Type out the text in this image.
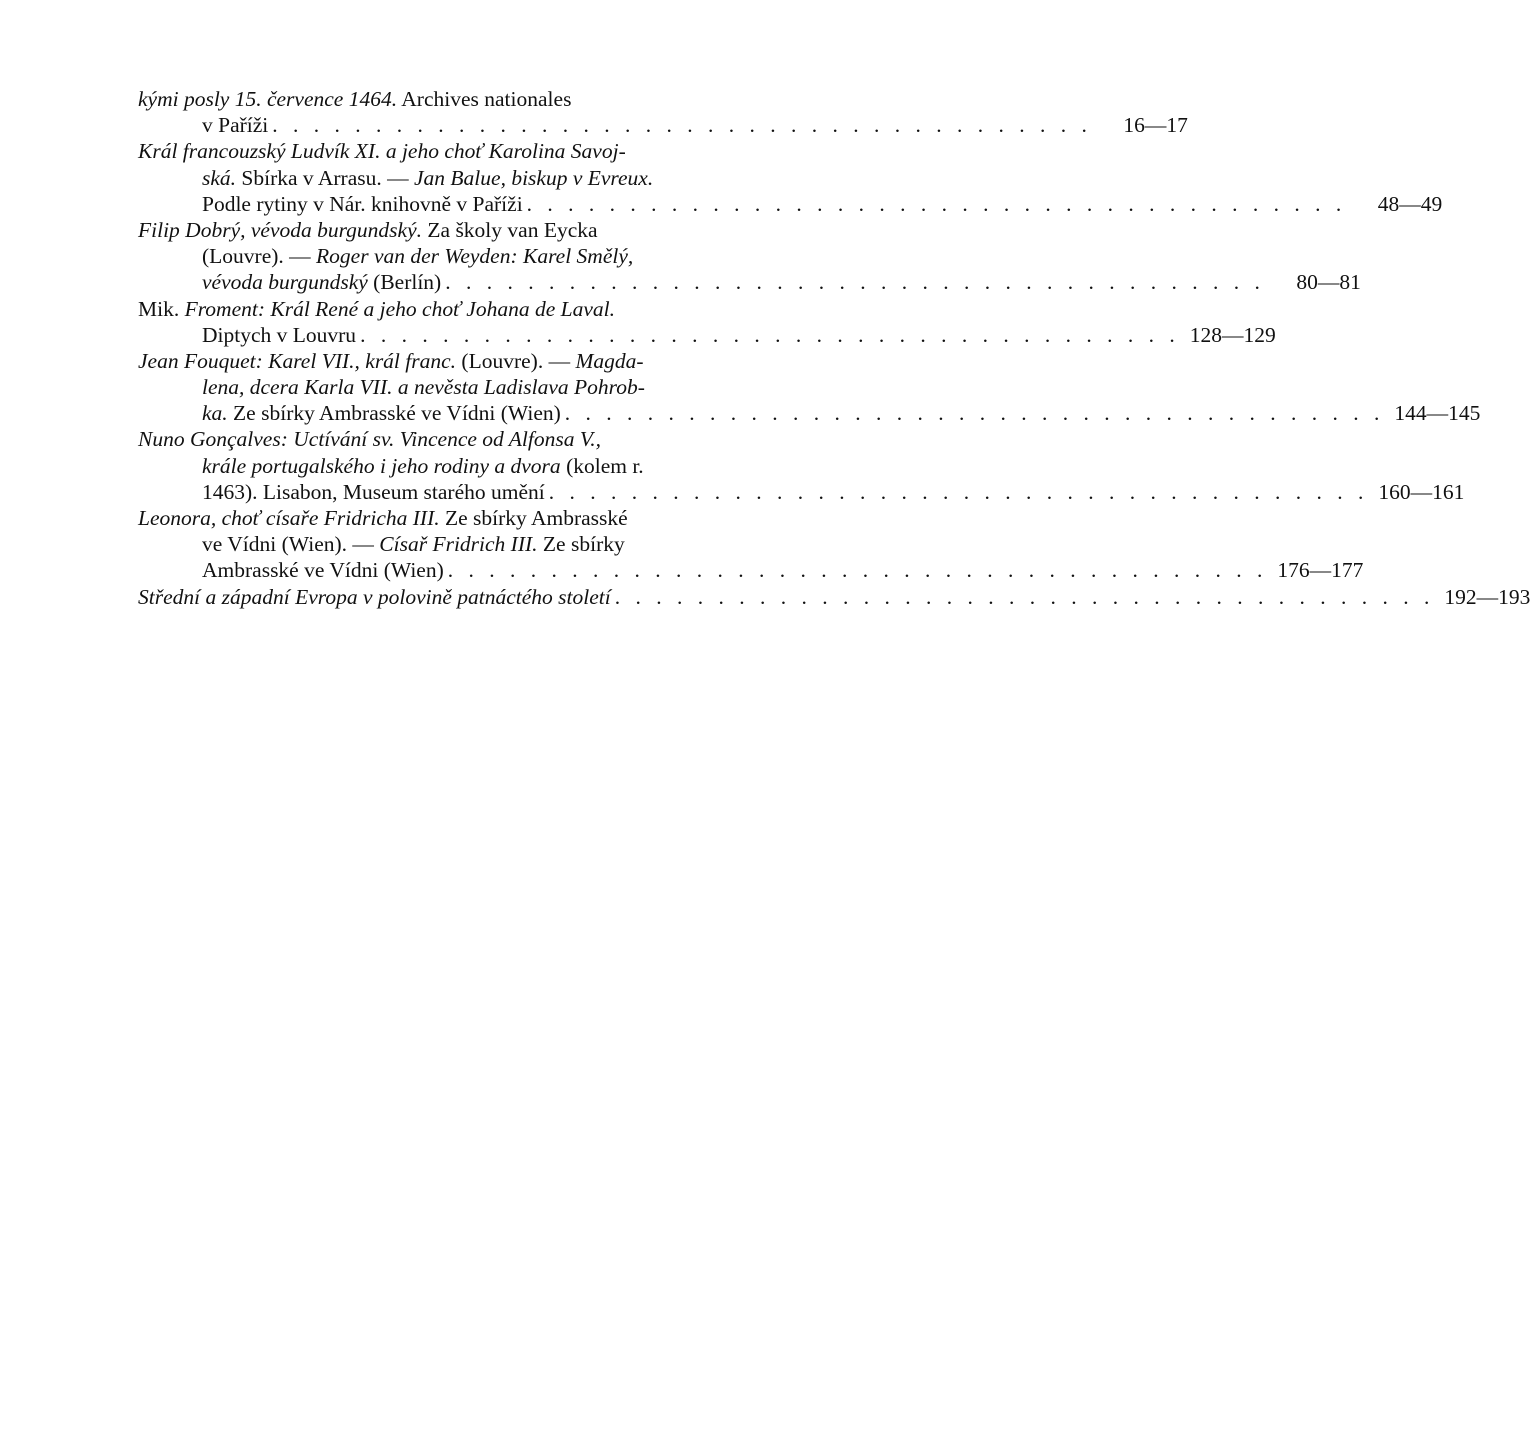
kými posly 15. července 1464. Archives nationales
v Paříži . . . . . . . . . . . . . . . . . . . . . . . . . . . . . . . . . . . . . . . .	16—17
Král francouzský Ludvík XI. a jeho choť Karolina Savoj-
ská. Sbírka v Arrasu. — Jan Balue, biskup v Evreux.
Podle rytiny v Nár. knihovně v Paříži . . . . . . . . . . . . . . . . . . . . . . . . . . . . . . . . . . . . . . . .	48—49
Filip Dobrý, vévoda burgundský. Za školy van Eycka
(Louvre). — Roger van der Weyden: Karel Smělý,
vévoda burgundský (Berlín) . . . . . . . . . . . . . . . . . . . . . . . . . . . . . . . . . . . . . . . .	80—81
Mik. Froment: Král René a jeho choť Johana de Laval.
Diptych v Louvru . . . . . . . . . . . . . . . . . . . . . . . . . . . . . . . . . . . . . . . . 128—129
Jean Fouquet: Karel VII., král franc. (Louvre). — Magda-
lena, dcera Karla VII. a nevěsta Ladislava Pohrob-
ka. Ze sbírky Ambrasské ve Vídni (Wien) . . . . . . . . . . . . . . . . . . . . . . . . . . . . . . . . . . . . . . . . 144—145
Nuno Gonçalves: Uctívání sv. Vincence od Alfonsa V.,
krále portugalského i jeho rodiny a dvora (kolem r.
1463). Lisabon, Museum starého umění . . . . . . . . . . . . . . . . . . . . . . . . . . . . . . . . . . . . . . . . 160—161
Leonora, choť císaře Fridricha III. Ze sbírky Ambrasské
ve Vídni (Wien). — Císař Fridrich III. Ze sbírky
Ambrasské ve Vídni (Wien) . . . . . . . . . . . . . . . . . . . . . . . . . . . . . . . . . . . . . . . . 176—177
Střední a západní Evropa v polovině patnáctého století . . . . . . . . . . . . . . . . . . . . . . . . . . . . . . . . . . . . . . . . 192—193
